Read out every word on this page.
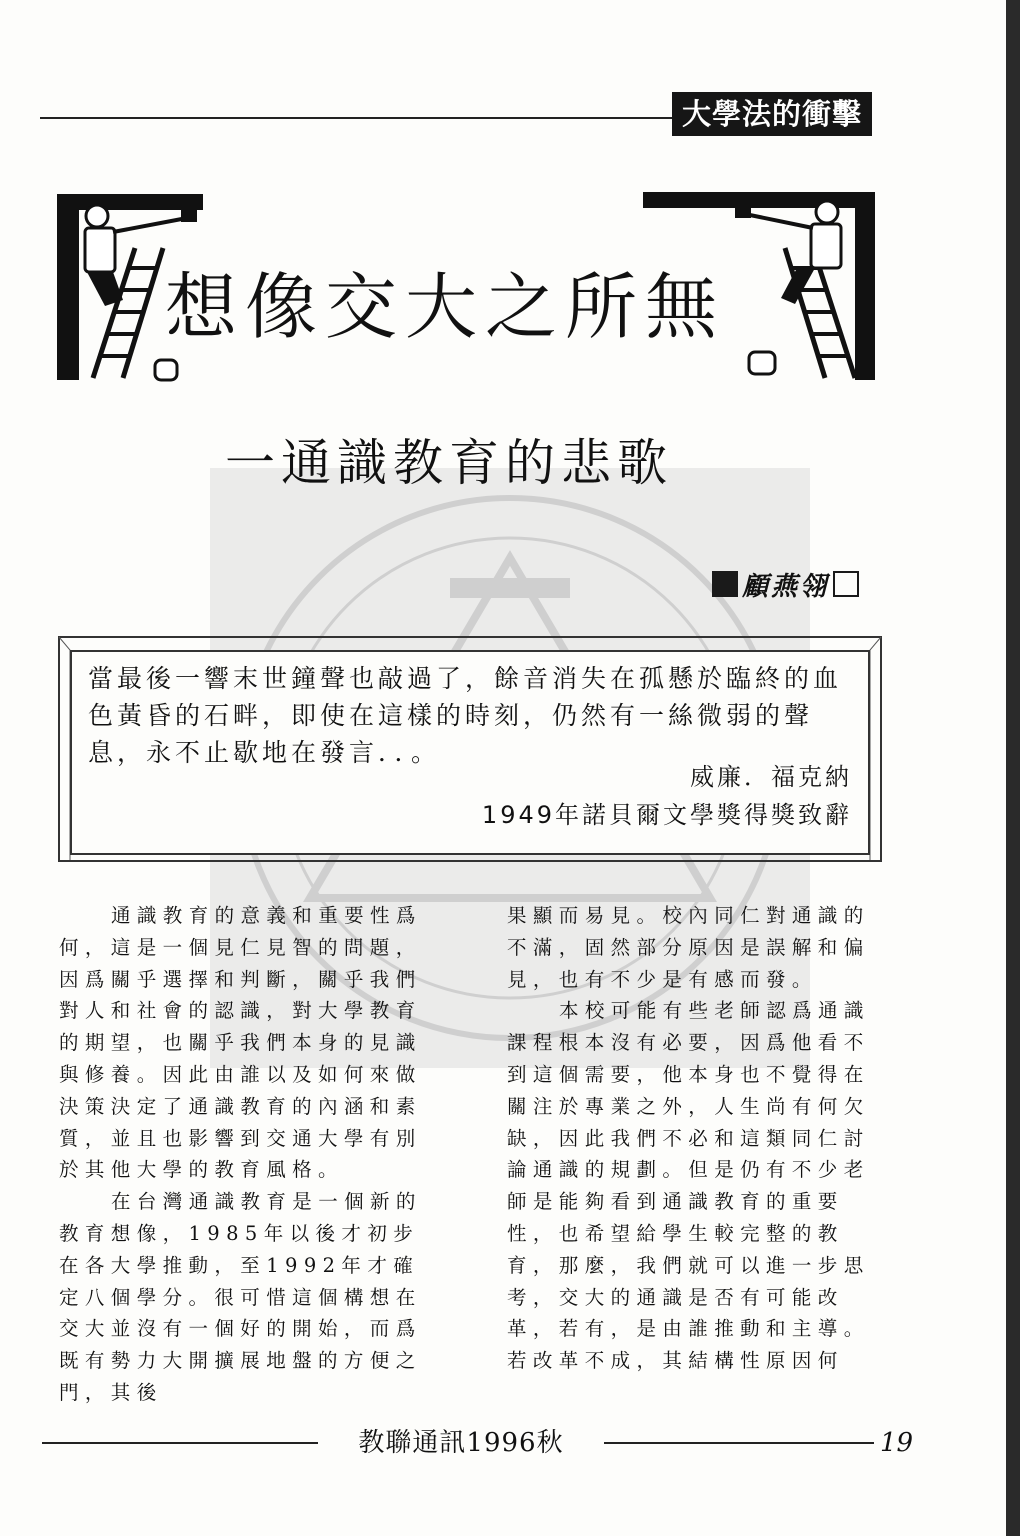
大學法的衝擊
想像交大之所無
一通識教育的悲歌
顧燕翎
當最後一響末世鐘聲也敲過了，餘音消失在孤懸於臨終的血
色黃昏的石畔，即使在這樣的時刻，仍然有一絲微弱的聲
息，永不止歇地在發言．．。
威廉．福克納
1949年諾貝爾文學獎得獎致辭

通識教育的意義和重要性爲何，這是一個見仁見智的問題，因爲關乎選擇和判斷，關乎我們對人和社會的認識，對大學教育的期望，也關乎我們本身的見識與修養。因此由誰以及如何來做決策決定了通識教育的內涵和素質，並且也影響到交通大學有別於其他大學的教育風格。

在台灣通識教育是一個新的教育想像，1985年以後才初步在各大學推動，至1992年才確定八個學分。很可惜這個構想在交大並沒有一個好的開始，而爲既有勢力大開擴展地盤的方便之門，其後

果顯而易見。校內同仁對通識的不滿，固然部分原因是誤解和偏見，也有不少是有感而發。

本校可能有些老師認爲通識課程根本沒有必要，因爲他看不到這個需要，他本身也不覺得在關注於專業之外，人生尚有何欠缺，因此我們不必和這類同仁討論通識的規劃。但是仍有不少老師是能夠看到通識教育的重要性，也希望給學生較完整的教育，那麼，我們就可以進一步思考，交大的通識是否有可能改革，若有，是由誰推動和主導。若改革不成，其結構性原因何

教聯通訊1996秋	19
